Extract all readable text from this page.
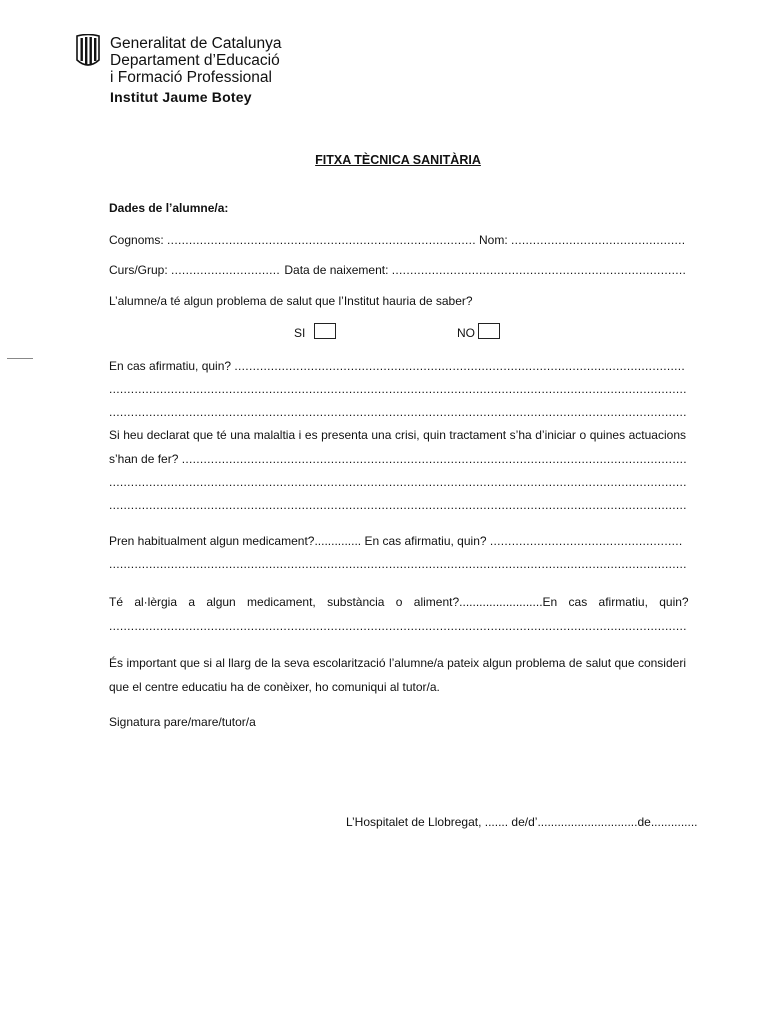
Generalitat de Catalunya
Departament d’Educació
i Formació Professional
Institut Jaume Botey
FITXA TÈCNICA SANITÀRIA
Dades de l’alumne/a:
Cognoms:
.....
	Nom:

.....
Curs/Grup:
.....
	Data de naixement:

.....
L’alumne/a té algun problema de salut que l’Institut hauria de saber?
SI	NO
En cas afirmatiu, quin?

.....
.....
.....
Si heu declarat que té una malaltia i es presenta una crisi, quin tractament s’ha d’iniciar o quines actuacions
s’han de fer?

.....
.....
.....
Pren habitualment algun medicament?..............
En cas afirmatiu, quin?

.....
.....
Té al·lèrgia a algun medicament, substància o aliment? ......................... En cas afirmatiu, quin?
.....
És important que si al llarg de la seva escolarització l’alumne/a pateix algun problema de salut que consideri
que el centre educatiu ha de conèixer, ho comuniqui al tutor/a.
Signatura pare/mare/tutor/a
L’Hospitalet de Llobregat, ....... de/d’..............................de..............
